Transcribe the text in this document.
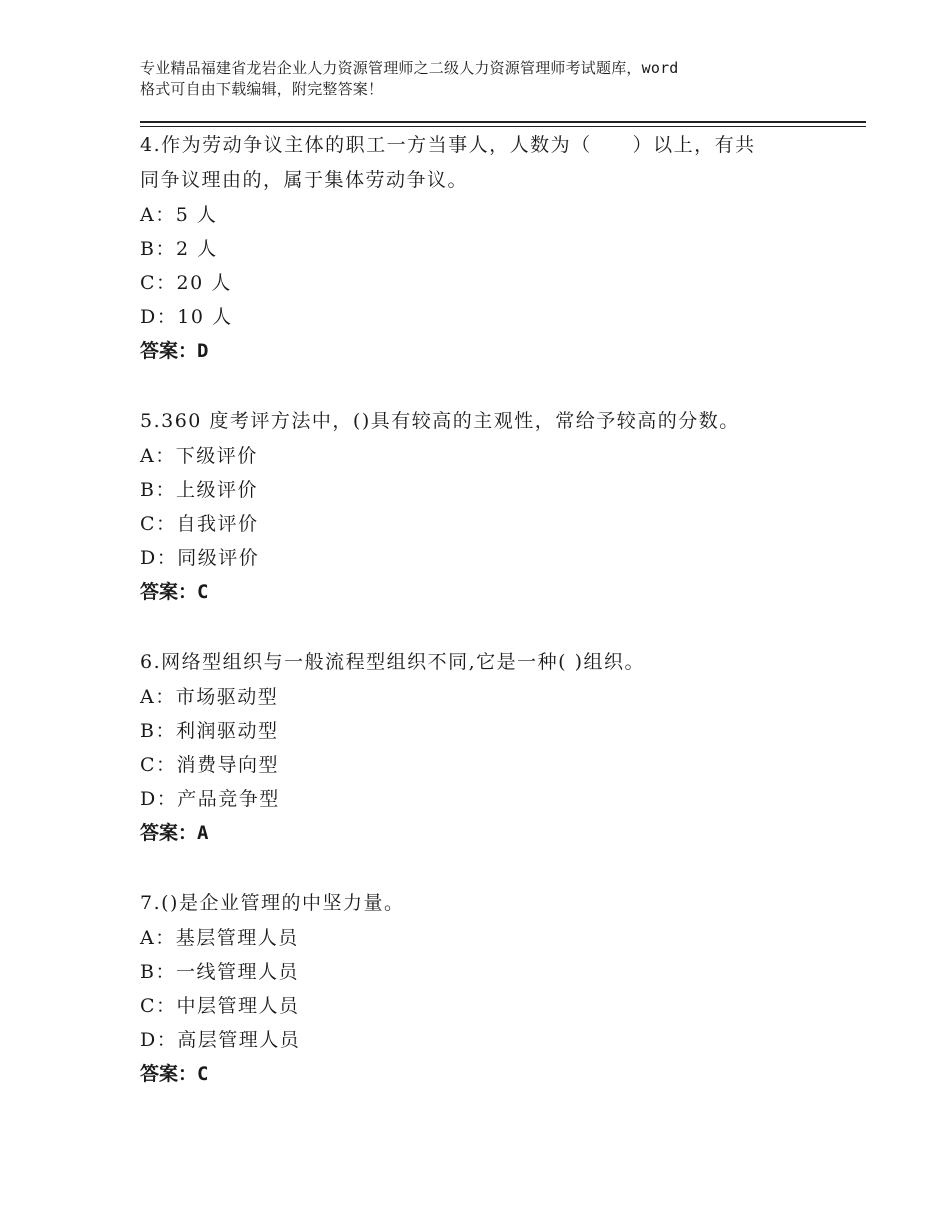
专业精品福建省龙岩企业人力资源管理师之二级人力资源管理师考试题库，word
格式可自由下载编辑，附完整答案！
4.作为劳动争议主体的职工一方当事人，人数为（　　）以上，有共
同争议理由的，属于集体劳动争议。
A：5 人
B：2 人
C：20 人
D：10 人
答案：D
5.360 度考评方法中，()具有较高的主观性，常给予较高的分数。
A：下级评价
B：上级评价
C：自我评价
D：同级评价
答案：C
6.网络型组织与一般流程型组织不同,它是一种( )组织。
A：市场驱动型
B：利润驱动型
C：消费导向型
D：产品竞争型
答案：A
7.()是企业管理的中坚力量。
A：基层管理人员
B：一线管理人员
C：中层管理人员
D：高层管理人员
答案：C
